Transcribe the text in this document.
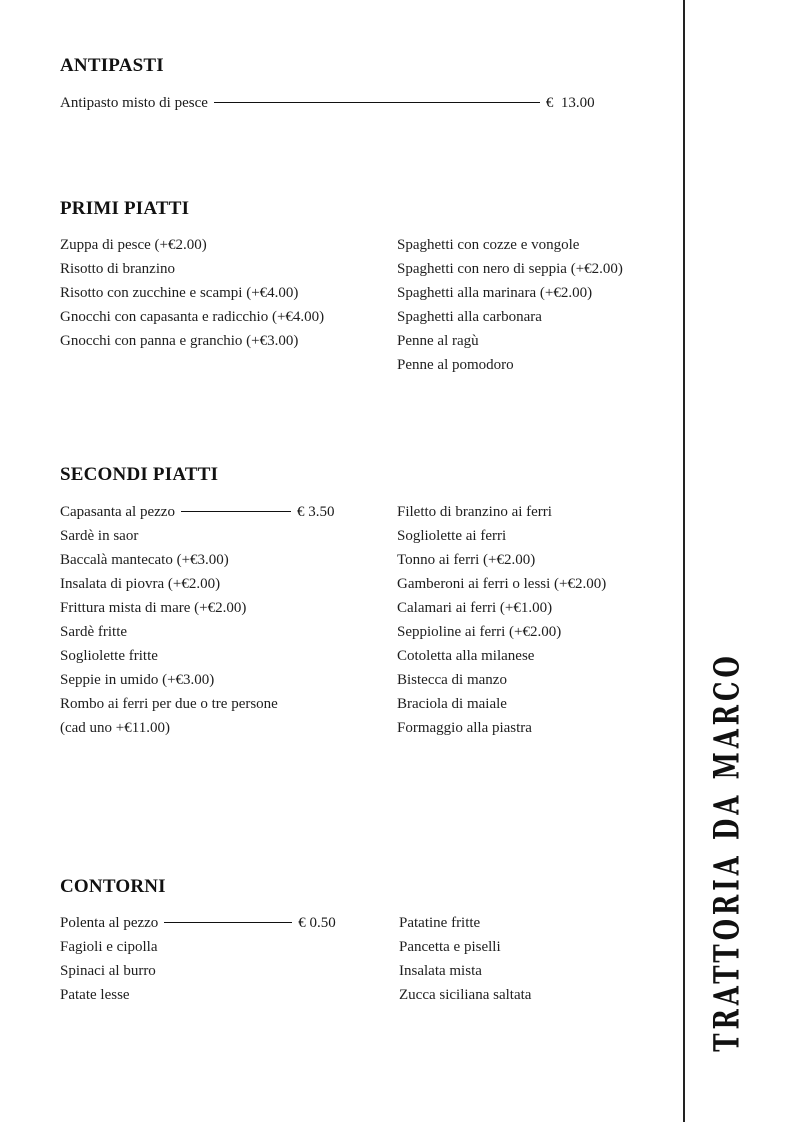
ANTIPASTI
Antipasto misto di pesce	€  13.00
PRIMI PIATTI
Zuppa di pesce (+€2.00)
Risotto di branzino
Risotto con zucchine e scampi (+€4.00)
Gnocchi con capasanta e radicchio (+€4.00)
Gnocchi con panna e granchio (+€3.00)
Spaghetti con cozze e vongole
Spaghetti con nero di seppia (+€2.00)
Spaghetti alla marinara (+€2.00)
Spaghetti alla carbonara
Penne al ragù
Penne al pomodoro
SECONDI PIATTI
Capasanta al pezzo	€ 3.50
Sardè in saor
Baccalà mantecato (+€3.00)
Insalata di piovra (+€2.00)
Frittura mista di mare (+€2.00)
Sardè fritte
Sogliolette fritte
Seppie in umido (+€3.00)
Rombo ai ferri per due o tre persone
(cad uno +€11.00)
Filetto di branzino ai ferri
Sogliolette ai ferri
Tonno ai ferri (+€2.00)
Gamberoni ai ferri o lessi (+€2.00)
Calamari ai ferri (+€1.00)
Seppioline ai ferri (+€2.00)
Cotoletta alla milanese
Bistecca di manzo
Braciola di maiale
Formaggio alla piastra
CONTORNI
Polenta al pezzo	€ 0.50
Fagioli e cipolla
Spinaci al burro
Patate lesse
Patatine fritte
Pancetta e piselli
Insalata mista
Zucca siciliana saltata	TRATTORIA DA MARCO
